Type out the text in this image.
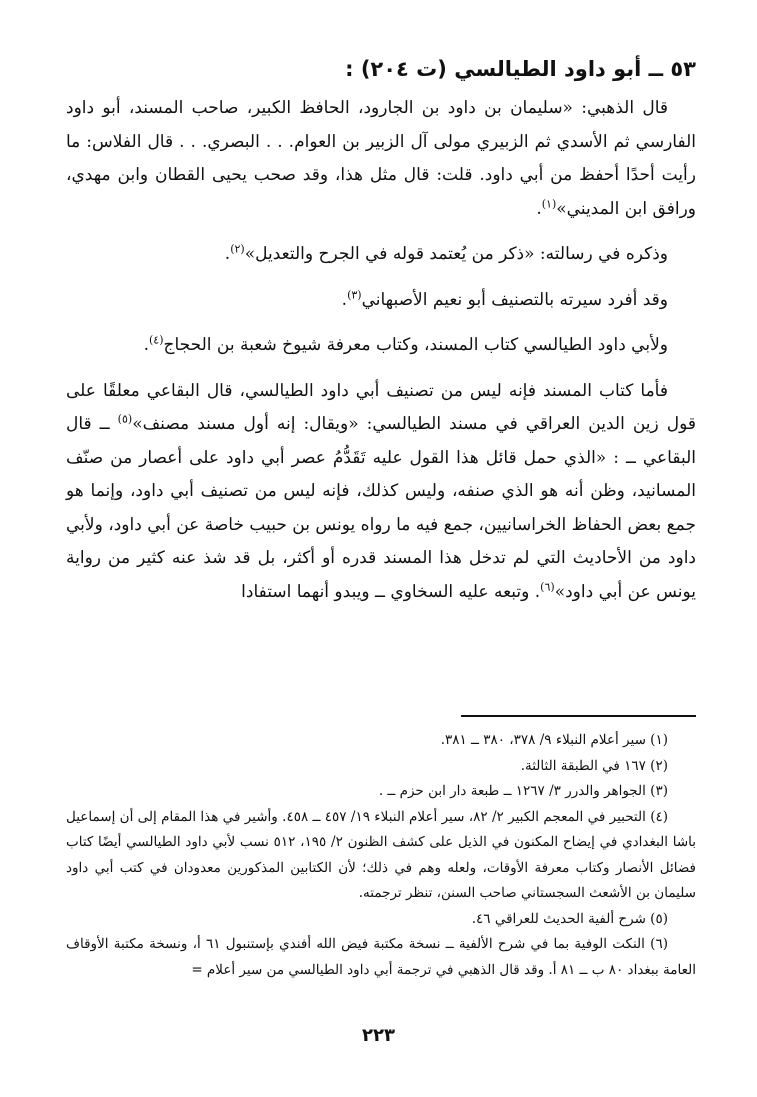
٥٣ ــ أبو داود الطيالسي (ت ٢٠٤) :

قال الذهبي: «سليمان بن داود بن الجارود، الحافظ الكبير، صاحب المسند، أبو داود الفارسي ثم الأسدي ثم الزبيري مولى آل الزبير بن العوام. . . البصري. . . قال الفلاس: ما رأيت أحدًا أحفظ من أبي داود. قلت: قال مثل هذا، وقد صحب يحيى القطان وابن مهدي، ورافق ابن المديني»$^{(١)}$.

وذكره في رسالته: «ذكر من يُعتمد قوله في الجرح والتعديل»$^{(٢)}$.

وقد أفرد سيرته بالتصنيف أبو نعيم الأصبهاني$^{(٣)}$.

ولأبي داود الطيالسي كتاب المسند، وكتاب معرفة شيوخ شعبة بن الحجاج$^{(٤)}$.

فأما كتاب المسند فإنه ليس من تصنيف أبي داود الطيالسي، قال البقاعي معلقًا على قول زين الدين العراقي في مسند الطيالسي: «ويقال: إنه أول مسند مصنف»$^{(٥)}$ ــ قال البقاعي ــ : «الذي حمل قائل هذا القول عليه تَقَدُّمُ عصر أبي داود على أعصار من صنّف المسانيد، وظن أنه هو الذي صنفه، وليس كذلك، فإنه ليس من تصنيف أبي داود، وإنما هو جمع بعض الحفاظ الخراسانيين، جمع فيه ما رواه يونس بن حبيب خاصة عن أبي داود، ولأبي داود من الأحاديث التي لم تدخل هذا المسند قدره أو أكثر، بل قد شذ عنه كثير من رواية يونس عن أبي داود»$^{(٦)}$. وتبعه عليه السخاوي ــ ويبدو أنهما استفادا

(١) سير أعلام النبلاء ٩/ ٣٧٨، ٣٨٠ ــ ٣٨١.

(٢) ١٦٧ في الطبقة الثالثة.

(٣) الجواهر والدرر ٣/ ١٢٦٧ ــ طبعة دار ابن حزم ــ .

(٤) التحبير في المعجم الكبير ٢/ ٨٢، سير أعلام النبلاء ١٩/ ٤٥٧ ــ ٤٥٨. وأشير في هذا المقام إلى أن إسماعيل باشا البغدادي في إيضاح المكنون في الذيل على كشف الظنون ٢/ ١٩٥، ٥١٢ نسب لأبي داود الطيالسي أيضًا كتاب فضائل الأنصار وكتاب معرفة الأوقات، ولعله وهم في ذلك؛ لأن الكتابين المذكورين معدودان في كتب أبي داود سليمان بن الأشعث السجستاني صاحب السنن، تنظر ترجمته.

(٥) شرح ألفية الحديث للعراقي ٤٦.

(٦) النكت الوفية بما في شرح الألفية ــ نسخة مكتبة فيض الله أفندي بإستنبول ٦١ أ، ونسخة مكتبة الأوقاف العامة ببغداد ٨٠ ب ــ ٨١ أ. وقد قال الذهبي في ترجمة أبي داود الطيالسي من سير أعلام =

٢٢٣
